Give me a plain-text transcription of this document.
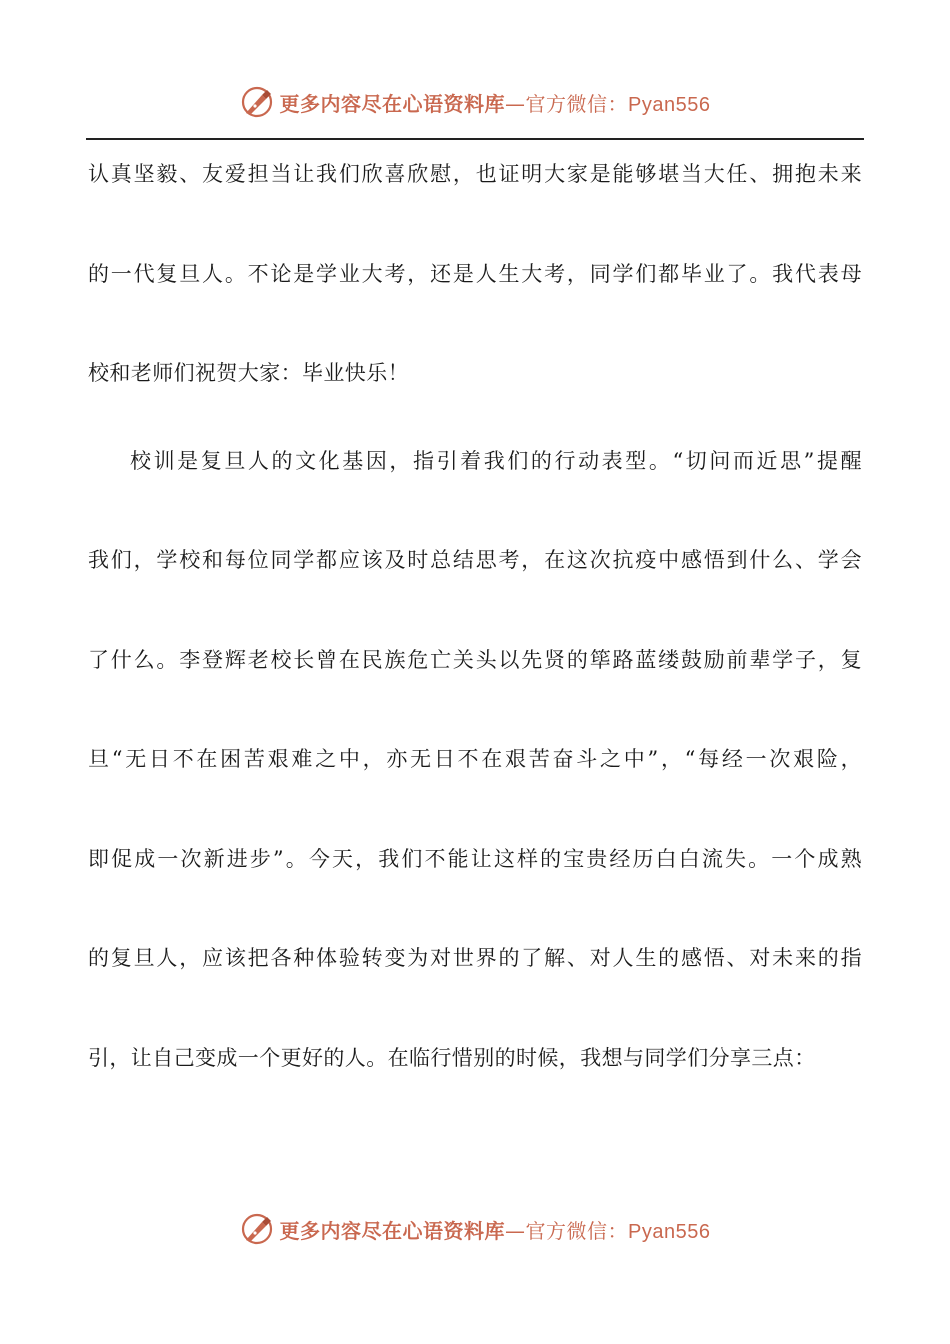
更多内容尽在心语资料库—官方微信：Pyan556
认真坚毅、友爱担当让我们欣喜欣慰，也证明大家是能够堪当大任、拥抱未来
的一代复旦人。不论是学业大考，还是人生大考，同学们都毕业了。我代表母
校和老师们祝贺大家：毕业快乐！
校训是复旦人的文化基因，指引着我们的行动表型。“切问而近思”提醒
我们，学校和每位同学都应该及时总结思考，在这次抗疫中感悟到什么、学会
了什么。李登辉老校长曾在民族危亡关头以先贤的筚路蓝缕鼓励前辈学子，复
旦“无日不在困苦艰难之中，亦无日不在艰苦奋斗之中”，“每经一次艰险，
即促成一次新进步”。今天，我们不能让这样的宝贵经历白白流失。一个成熟
的复旦人，应该把各种体验转变为对世界的了解、对人生的感悟、对未来的指
引，让自己变成一个更好的人。在临行惜别的时候，我想与同学们分享三点：
更多内容尽在心语资料库—官方微信：Pyan556
